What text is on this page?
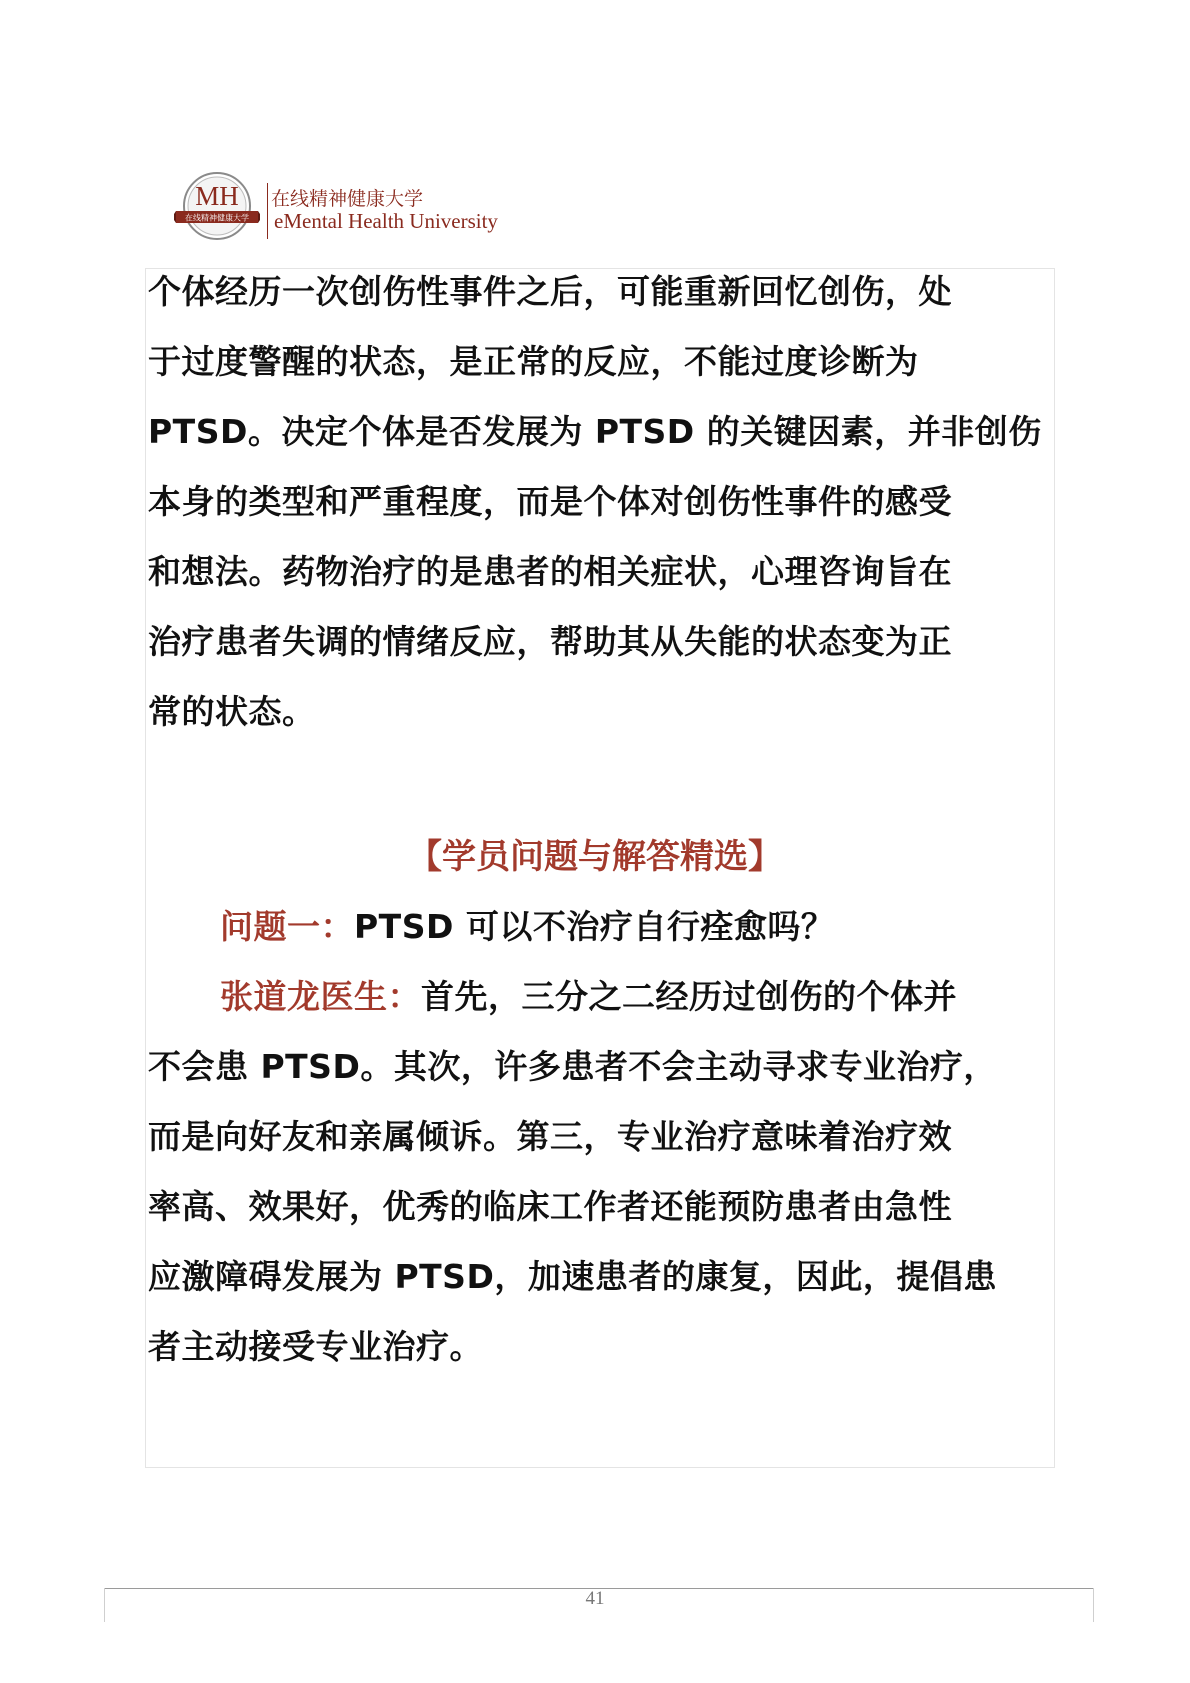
MH
在线精神健康大学
在线精神健康大学
eMental Health University
个体经历一次创伤性事件之后，可能重新回忆创伤，处
于过度警醒的状态，是正常的反应，不能过度诊断为
PTSD。决定个体是否发展为 PTSD 的关键因素，并非创伤
本身的类型和严重程度，而是个体对创伤性事件的感受
和想法。药物治疗的是患者的相关症状，心理咨询旨在
治疗患者失调的情绪反应，帮助其从失能的状态变为正
常的状态。
【学员问题与解答精选】
问题一：PTSD 可以不治疗自行痊愈吗？
张道龙医生：首先，三分之二经历过创伤的个体并
不会患 PTSD。其次，许多患者不会主动寻求专业治疗，
而是向好友和亲属倾诉。第三，专业治疗意味着治疗效
率高、效果好，优秀的临床工作者还能预防患者由急性
应激障碍发展为 PTSD，加速患者的康复，因此，提倡患
者主动接受专业治疗。
41
